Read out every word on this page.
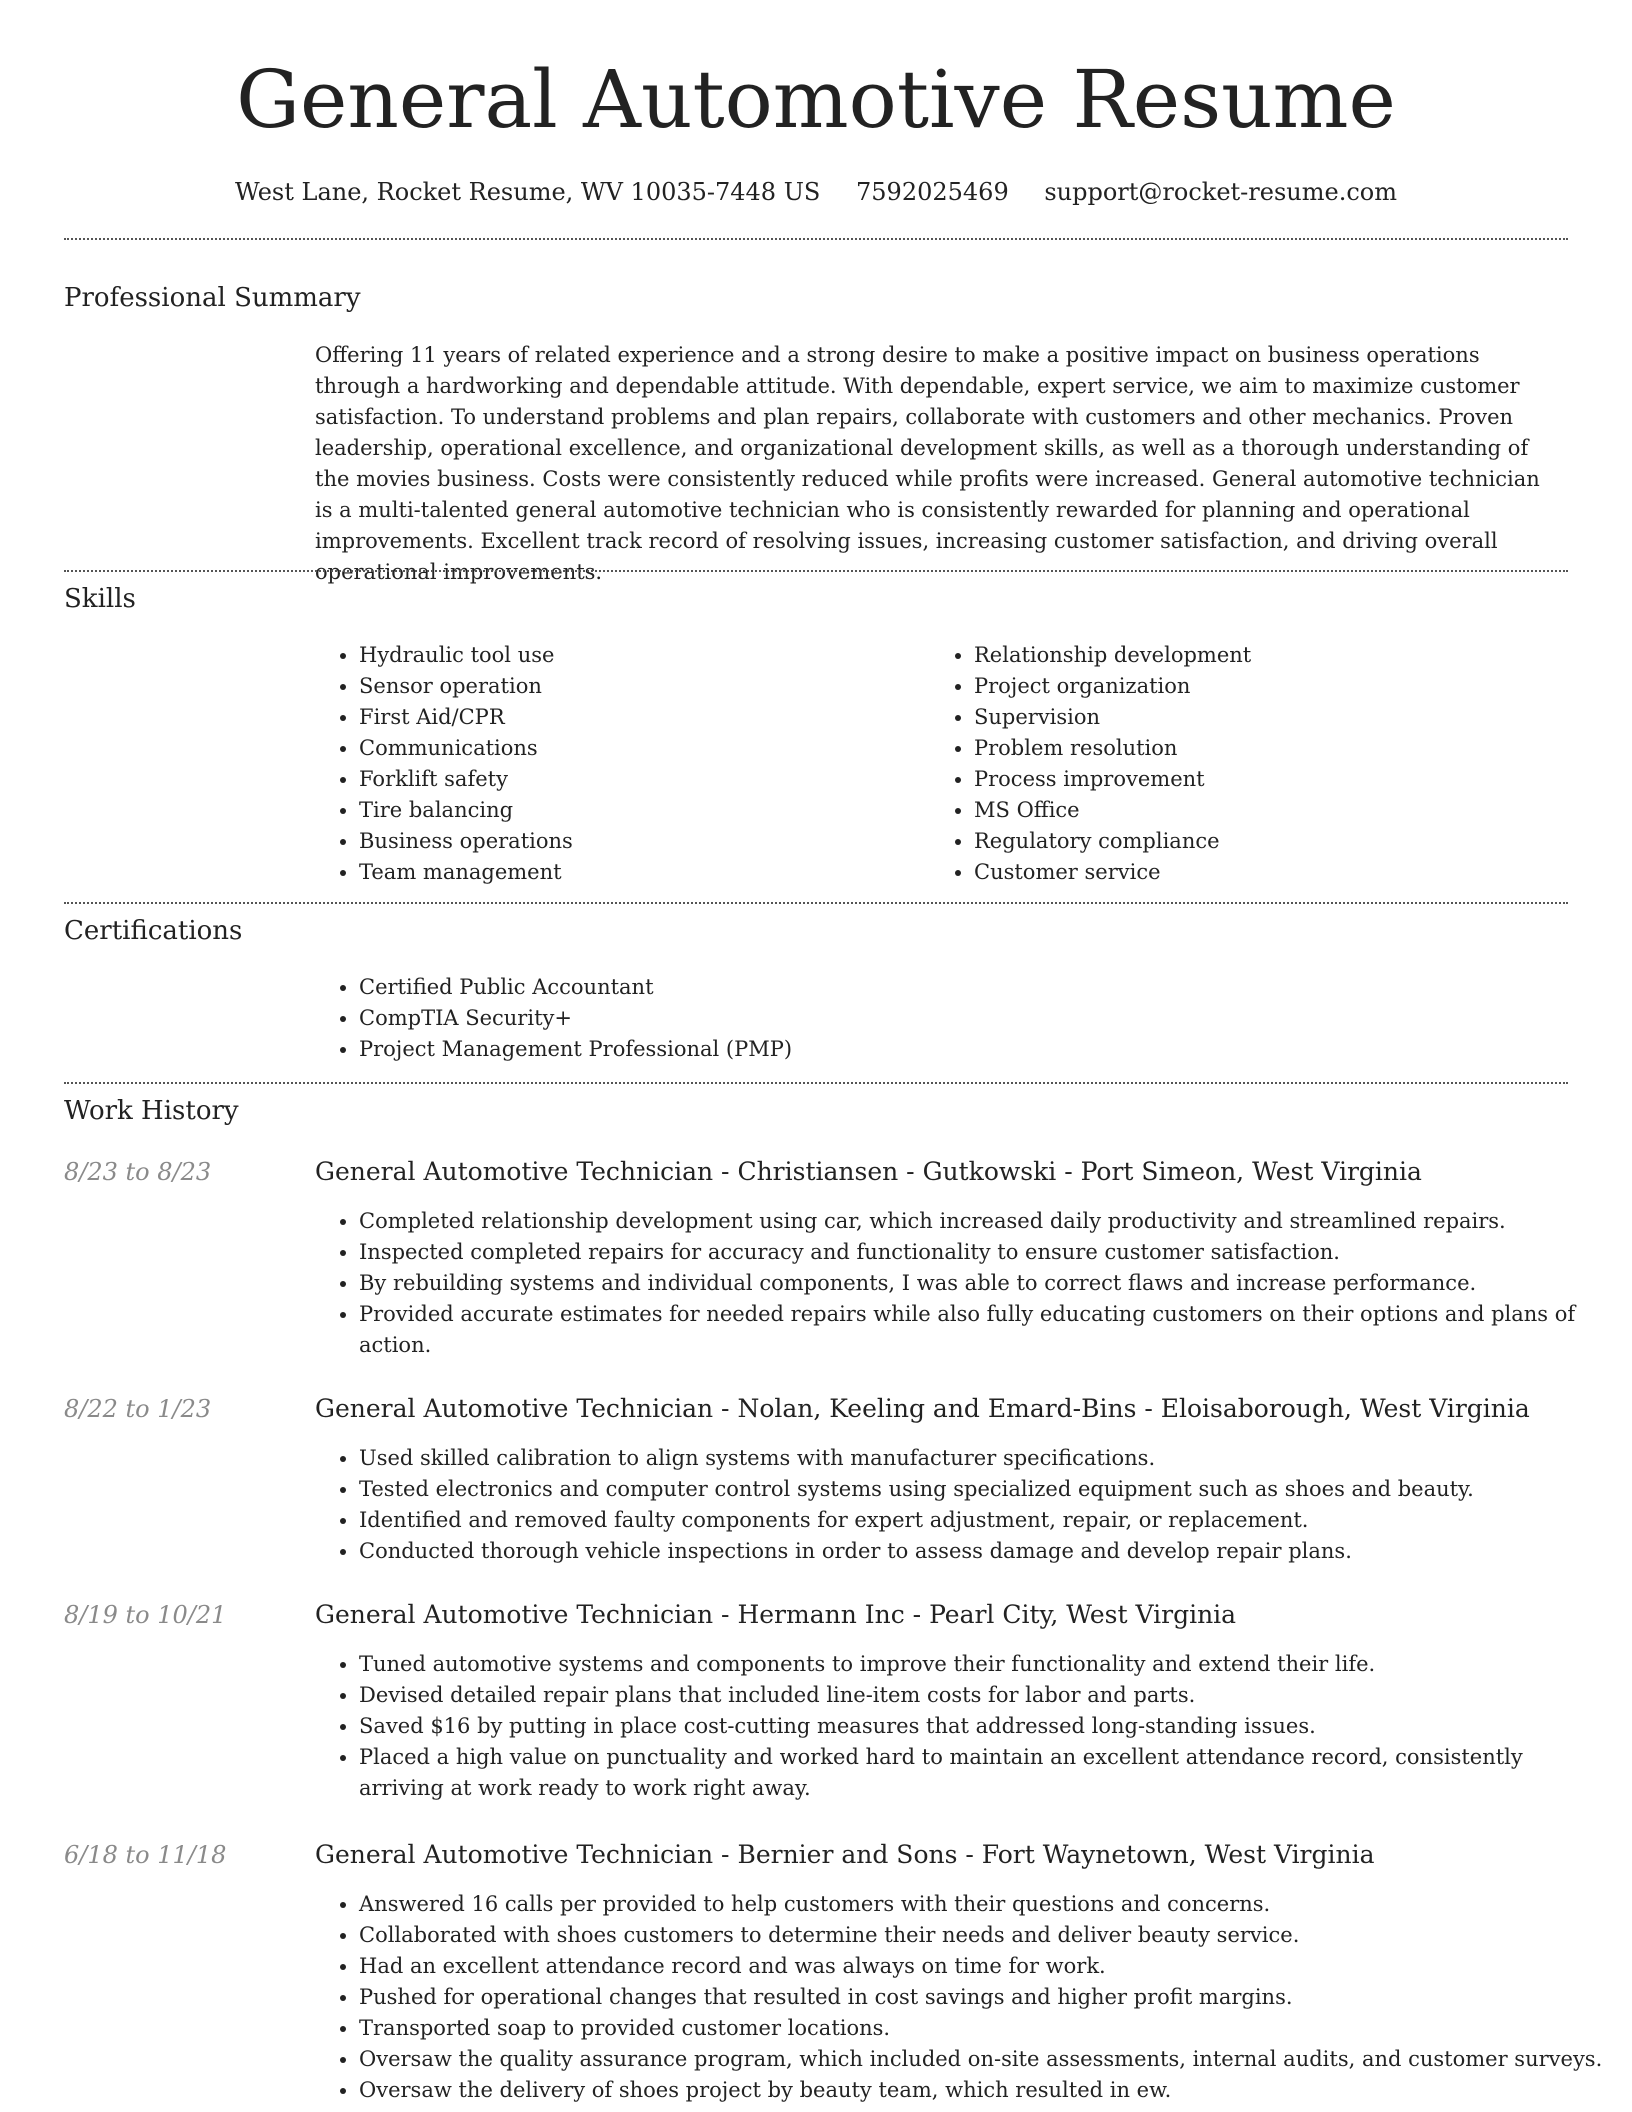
General Automotive Resume
West Lane, Rocket Resume, WV 10035-7448 US 7592025469 support@rocket-resume.com
Professional Summary

Offering 11 years of related experience and a strong desire to make a positive impact on business operations through a hardworking and dependable attitude. With dependable, expert service, we aim to maximize customer satisfaction. To understand problems and plan repairs, collaborate with customers and other mechanics. Proven leadership, operational excellence, and organizational development skills, as well as a thorough understanding of the movies business. Costs were consistently reduced while profits were increased. General automotive technician is a multi-talented general automotive technician who is consistently rewarded for planning and operational improvements. Excellent track record of resolving issues, increasing customer satisfaction, and driving overall operational improvements.

Skills
• Hydraulic tool use
• Sensor operation
• First Aid/CPR
• Communications
• Forklift safety
• Tire balancing
• Business operations
• Team management
• Relationship development
• Project organization
• Supervision
• Problem resolution
• Process improvement
• MS Office
• Regulatory compliance
• Customer service
Certifications
• Certified Public Accountant
• CompTIA Security+
• Project Management Professional (PMP)
Work History
8/23 to 8/23	General Automotive Technician - Christiansen - Gutkowski - Port Simeon, West Virginia
• Completed relationship development using car, which increased daily productivity and streamlined repairs.
• Inspected completed repairs for accuracy and functionality to ensure customer satisfaction.
• By rebuilding systems and individual components, I was able to correct flaws and increase performance.
• Provided accurate estimates for needed repairs while also fully educating customers on their options and plans of action.
8/22 to 1/23	General Automotive Technician - Nolan, Keeling and Emard-Bins - Eloisaborough, West Virginia
• Used skilled calibration to align systems with manufacturer specifications.
• Tested electronics and computer control systems using specialized equipment such as shoes and beauty.
• Identified and removed faulty components for expert adjustment, repair, or replacement.
• Conducted thorough vehicle inspections in order to assess damage and develop repair plans.
8/19 to 10/21	General Automotive Technician - Hermann Inc - Pearl City, West Virginia
• Tuned automotive systems and components to improve their functionality and extend their life.
• Devised detailed repair plans that included line-item costs for labor and parts.
• Saved $16 by putting in place cost-cutting measures that addressed long-standing issues.
• Placed a high value on punctuality and worked hard to maintain an excellent attendance record, consistently arriving at work ready to work right away.
6/18 to 11/18	General Automotive Technician - Bernier and Sons - Fort Waynetown, West Virginia
• Answered 16 calls per provided to help customers with their questions and concerns.
• Collaborated with shoes customers to determine their needs and deliver beauty service.
• Had an excellent attendance record and was always on time for work.
• Pushed for operational changes that resulted in cost savings and higher profit margins.
• Transported soap to provided customer locations.
• Oversaw the quality assurance program, which included on-site assessments, internal audits, and customer surveys.
• Oversaw the delivery of shoes project by beauty team, which resulted in ew.
